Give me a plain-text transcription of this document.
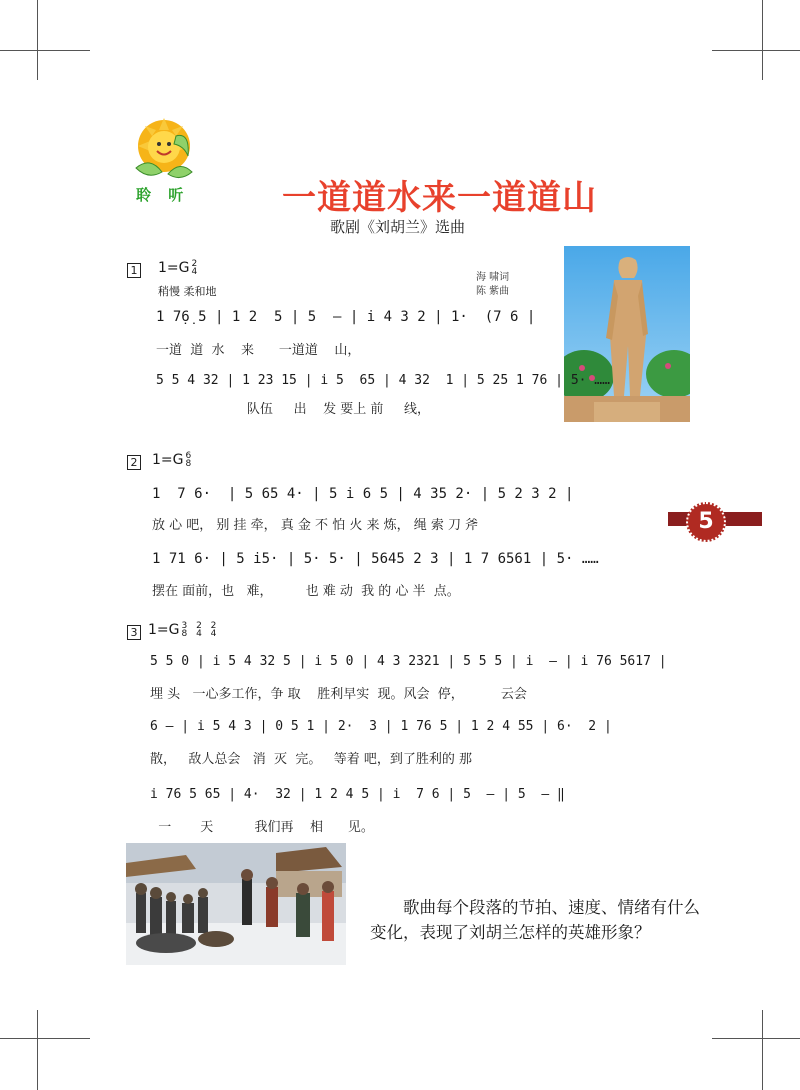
聆 听	一道道水来一道道山
歌剧《刘胡兰》选曲
1 1=G 2
4
稍慢 柔和地
海 啸词
陈 紫曲
1 7̣6̣ 5 | 1 2  5 | 5  — | i 4 3 2 | 1·  (7 6 |
一道  道  水    来      一道道    山，
5 5 4 32 | 1 23 15 | i 5  65 | 4 32  1 | 5 25 1 76 | 5· ……
队伍     出    发 要上 前     线，
2 1=G 6
8
1  7 6·  | 5 65 4· | 5 i 6 5 | 4 35 2· | 5 2 3 2 |
放 心 吧， 别 挂 牵， 真 金 不 怕 火 来 炼， 绳 索 刀 斧
1 71 6· | 5 i5· | 5· 5· | 5645 2 3 | 1 7 6561 | 5· ……
摆在 面前，也   难，        也 难 动  我 的 心 半  点。
5
3 1=G 3 2 2
8 4 4
5 5 0 | i 5 4 32 5 | i 5 0 | 4 3 2321 | 5 5 5 | i  — | i 76 5617 |
埋 头   一心多工作，争 取    胜利早实  现。风会  停，         云会
6 — | i 5 4 3 | 0 5 1 | 2·  3 | 1 76 5 | 1 2 4 55 | 6·  2 |
散，   敌人总会   消  灭  完。   等着 吧，到了胜利的 那
i 76 5 65 | 4·  32 | 1 2 4 5 | i  7 6 | 5  — | 5  — ‖
一       天          我们再    相      见。
歌曲每个段落的节拍、速度、情绪有什么变化，表现了刘胡兰怎样的英雄形象？
